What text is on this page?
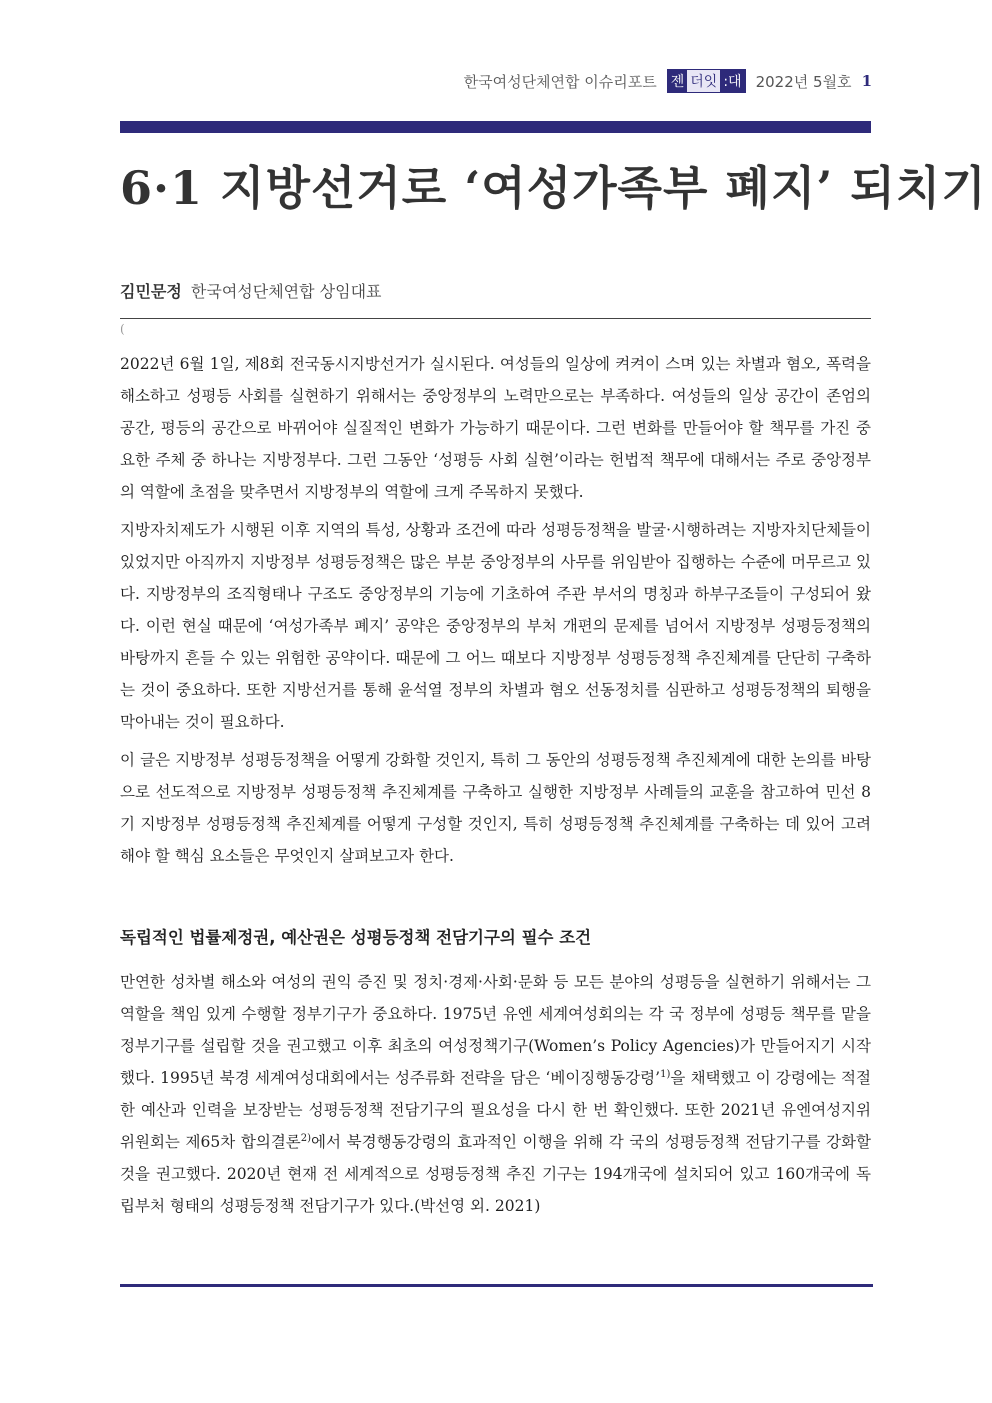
한국여성단체연합 이슈리포트 젠 더잇 :대 2022년 5월호 1
6·1 지방선거로 ‘여성가족부 폐지’ 되치기
김민문정 한국여성단체연합 상임대표
(

2022년 6월 1일, 제8회 전국동시지방선거가 실시된다. 여성들의 일상에 켜켜이 스며 있는 차별과 혐오, 폭력을 해소하고 성평등 사회를 실현하기 위해서는 중앙정부의 노력만으로는 부족하다. 여성들의 일상 공간이 존엄의 공간, 평등의 공간으로 바뀌어야 실질적인 변화가 가능하기 때문이다. 그런 변화를 만들어야 할 책무를 가진 중요한 주체 중 하나는 지방정부다. 그런 그동안 ‘성평등 사회 실현’이라는 헌법적 책무에 대해서는 주로 중앙정부의 역할에 초점을 맞추면서 지방정부의 역할에 크게 주목하지 못했다.

지방자치제도가 시행된 이후 지역의 특성, 상황과 조건에 따라 성평등정책을 발굴·시행하려는 지방자치단체들이 있었지만 아직까지 지방정부 성평등정책은 많은 부분 중앙정부의 사무를 위임받아 집행하는 수준에 머무르고 있다. 지방정부의 조직형태나 구조도 중앙정부의 기능에 기초하여 주관 부서의 명칭과 하부구조들이 구성되어 왔다. 이런 현실 때문에 ‘여성가족부 폐지’ 공약은 중앙정부의 부처 개편의 문제를 넘어서 지방정부 성평등정책의 바탕까지 흔들 수 있는 위험한 공약이다. 때문에 그 어느 때보다 지방정부 성평등정책 추진체계를 단단히 구축하는 것이 중요하다. 또한 지방선거를 통해 윤석열 정부의 차별과 혐오 선동정치를 심판하고 성평등정책의 퇴행을 막아내는 것이 필요하다.

이 글은 지방정부 성평등정책을 어떻게 강화할 것인지, 특히 그 동안의 성평등정책 추진체계에 대한 논의를 바탕으로 선도적으로 지방정부 성평등정책 추진체계를 구축하고 실행한 지방정부 사례들의 교훈을 참고하여 민선 8기 지방정부 성평등정책 추진체계를 어떻게 구성할 것인지, 특히 성평등정책 추진체계를 구축하는 데 있어 고려해야 할 핵심 요소들은 무엇인지 살펴보고자 한다.

독립적인 법률제정권, 예산권은 성평등정책 전담기구의 필수 조건

만연한 성차별 해소와 여성의 권익 증진 및 정치·경제·사회·문화 등 모든 분야의 성평등을 실현하기 위해서는 그 역할을 책임 있게 수행할 정부기구가 중요하다. 1975년 유엔 세계여성회의는 각 국 정부에 성평등 책무를 맡을 정부기구를 설립할 것을 권고했고 이후 최초의 여성정책기구(Women’s Policy Agencies)가 만들어지기 시작했다. 1995년 북경 세계여성대회에서는 성주류화 전략을 담은 ‘베이징행동강령’$^{1)}$을 채택했고 이 강령에는 적절한 예산과 인력을 보장받는 성평등정책 전담기구의 필요성을 다시 한 번 확인했다. 또한 2021년 유엔여성지위위원회는 제65차 합의결론$^{2)}$에서 북경행동강령의 효과적인 이행을 위해 각 국의 성평등정책 전담기구를 강화할 것을 권고했다. 2020년 현재 전 세계적으로 성평등정책 추진 기구는 194개국에 설치되어 있고 160개국에 독립부처 형태의 성평등정책 전담기구가 있다.(박선영 외. 2021)
